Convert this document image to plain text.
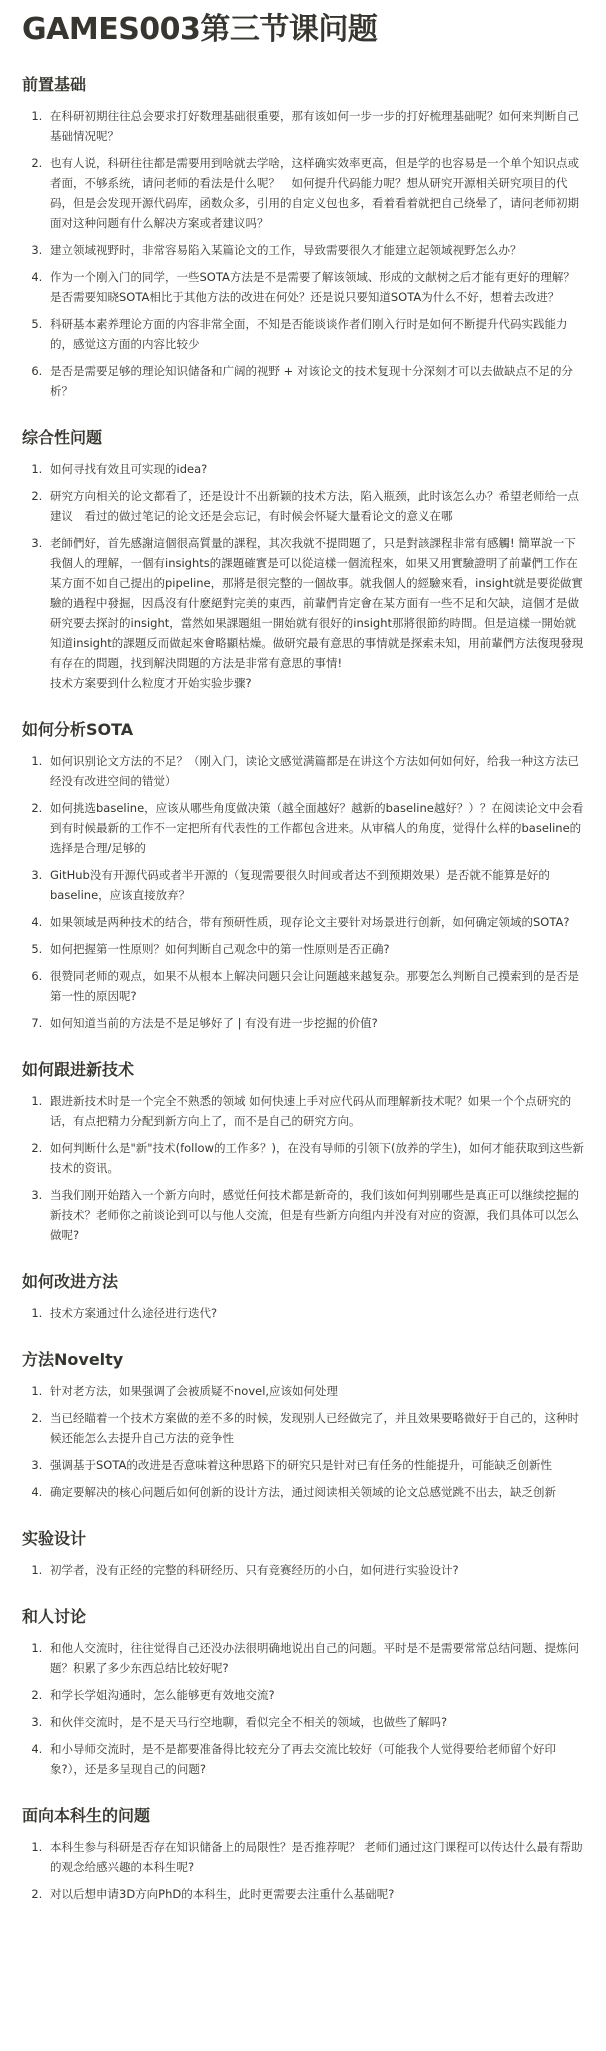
GAMES003第三节课问题
前置基础
1. 在科研初期往往总会要求打好数理基础很重要，那有该如何一步一步的打好梳理基础呢？如何来判断自己基础情况呢？
2. 也有人说，科研往往都是需要用到啥就去学啥，这样确实效率更高，但是学的也容易是一个单个知识点或者面，不够系统，请问老师的看法是什么呢？　如何提升代码能力呢？想从研究开源相关研究项目的代码，但是会发现开源代码库，函数众多，引用的自定义包也多，看着看着就把自己绕晕了，请问老师初期面对这种问题有什么解决方案或者建议吗？
3. 建立领域视野时，非常容易陷入某篇论文的工作，导致需要很久才能建立起领域视野怎么办？
4. 作为一个刚入门的同学，一些SOTA方法是不是需要了解该领域、形成的文献树之后才能有更好的理解？是否需要知晓SOTA相比于其他方法的改进在何处？还是说只要知道SOTA为什么不好，想着去改进？
5. 科研基本素养理论方面的内容非常全面，不知是否能谈谈作者们刚入行时是如何不断提升代码实践能力的，感觉这方面的内容比较少
6. 是否是需要足够的理论知识储备和广阔的视野 + 对该论文的技术复现十分深刻才可以去做缺点不足的分析？
综合性问题
1. 如何寻找有效且可实现的idea?
2. 研究方向相关的论文都看了，还是设计不出新颖的技术方法，陷入瓶颈，此时该怎么办？希望老师给一点建议　看过的做过笔记的论文还是会忘记，有时候会怀疑大量看论文的意义在哪
3. 老師們好，首先感謝這個很高質量的課程，其次我就不提問題了，只是對該課程非常有感觸! 簡單說一下我個人的理解，一個有insights的課題確實是可以從這樣一個流程來，如果又用實驗證明了前輩們工作在某方面不如自己提出的pipeline，那將是很完整的一個故事。就我個人的經驗來看，insight就是要從做實驗的過程中發掘，因爲沒有什麽絕對完美的東西，前輩們肯定會在某方面有一些不足和欠缺，這個才是做研究要去探討的insight，當然如果課題組一開始就有很好的insight那將很節約時間。但是這樣一開始就知道insight的課題反而做起來會略顯枯燥。做研究最有意思的事情就是探索未知，用前輩們方法復現發現有存在的問題，找到解決問題的方法是非常有意思的事情!
技术方案要到什么粒度才开始实验步骤?
如何分析SOTA
1. 如何识别论文方法的不足？（刚入门，读论文感觉满篇都是在讲这个方法如何如何好，给我一种这方法已经没有改进空间的错觉）
2. 如何挑选baseline，应该从哪些角度做决策（越全面越好？越新的baseline越好？）？在阅读论文中会看到有时候最新的工作不一定把所有代表性的工作都包含进来。从审稿人的角度，觉得什么样的baseline的选择是合理/足够的
3. GitHub没有开源代码或者半开源的（复现需要很久时间或者达不到预期效果）是否就不能算是好的baseline，应该直接放弃？
4. 如果领域是两种技术的结合，带有预研性质，现存论文主要针对场景进行创新，如何确定领域的SOTA?
5. 如何把握第一性原则？如何判断自己观念中的第一性原则是否正确?
6. 很赞同老师的观点，如果不从根本上解决问题只会让问题越来越复杂。那要怎么判断自己摸索到的是否是第一性的原因呢?
7. 如何知道当前的方法是不是足够好了 | 有没有进一步挖掘的价值?
如何跟进新技术
1. 跟进新技术时是一个完全不熟悉的领域 如何快速上手对应代码从而理解新技术呢？如果一个个点研究的话，有点把精力分配到新方向上了，而不是自己的研究方向。
2. 如何判断什么是"新"技术(follow的工作多？)，在没有导师的引领下(放养的学生)，如何才能获取到这些新技术的资讯。
3. 当我们刚开始踏入一个新方向时，感觉任何技术都是新奇的，我们该如何判别哪些是真正可以继续挖掘的新技术？老师你之前谈论到可以与他人交流，但是有些新方向组内并没有对应的资源，我们具体可以怎么做呢?
如何改进方法
1. 技术方案通过什么途径进行迭代?
方法Novelty
1. 针对老方法，如果强调了会被质疑不novel,应该如何处理
2. 当已经瞄着一个技术方案做的差不多的时候，发现别人已经做完了，并且效果要略微好于自己的，这种时候还能怎么去提升自己方法的竞争性
3. 强调基于SOTA的改进是否意味着这种思路下的研究只是针对已有任务的性能提升，可能缺乏创新性
4. 确定要解决的核心问题后如何创新的设计方法，通过阅读相关领域的论文总感觉跳不出去，缺乏创新
实验设计
1. 初学者，没有正经的完整的科研经历、只有竞赛经历的小白，如何进行实验设计?
和人讨论
1. 和他人交流时，往往觉得自己还没办法很明确地说出自己的问题。平时是不是需要常常总结问题、提炼问题？积累了多少东西总结比较好呢?
2. 和学长学姐沟通时，怎么能够更有效地交流?
3. 和伙伴交流时，是不是天马行空地聊，看似完全不相关的领域，也做些了解吗?
4. 和小导师交流时，是不是都要准备得比较充分了再去交流比较好（可能我个人觉得要给老师留个好印象?），还是多呈现自己的问题?
面向本科生的问题
1. 本科生参与科研是否存在知识储备上的局限性？是否推荐呢？ 老师们通过这门课程可以传达什么最有帮助的观念给感兴趣的本科生呢?
2. 对以后想申请3D方向PhD的本科生，此时更需要去注重什么基础呢?
